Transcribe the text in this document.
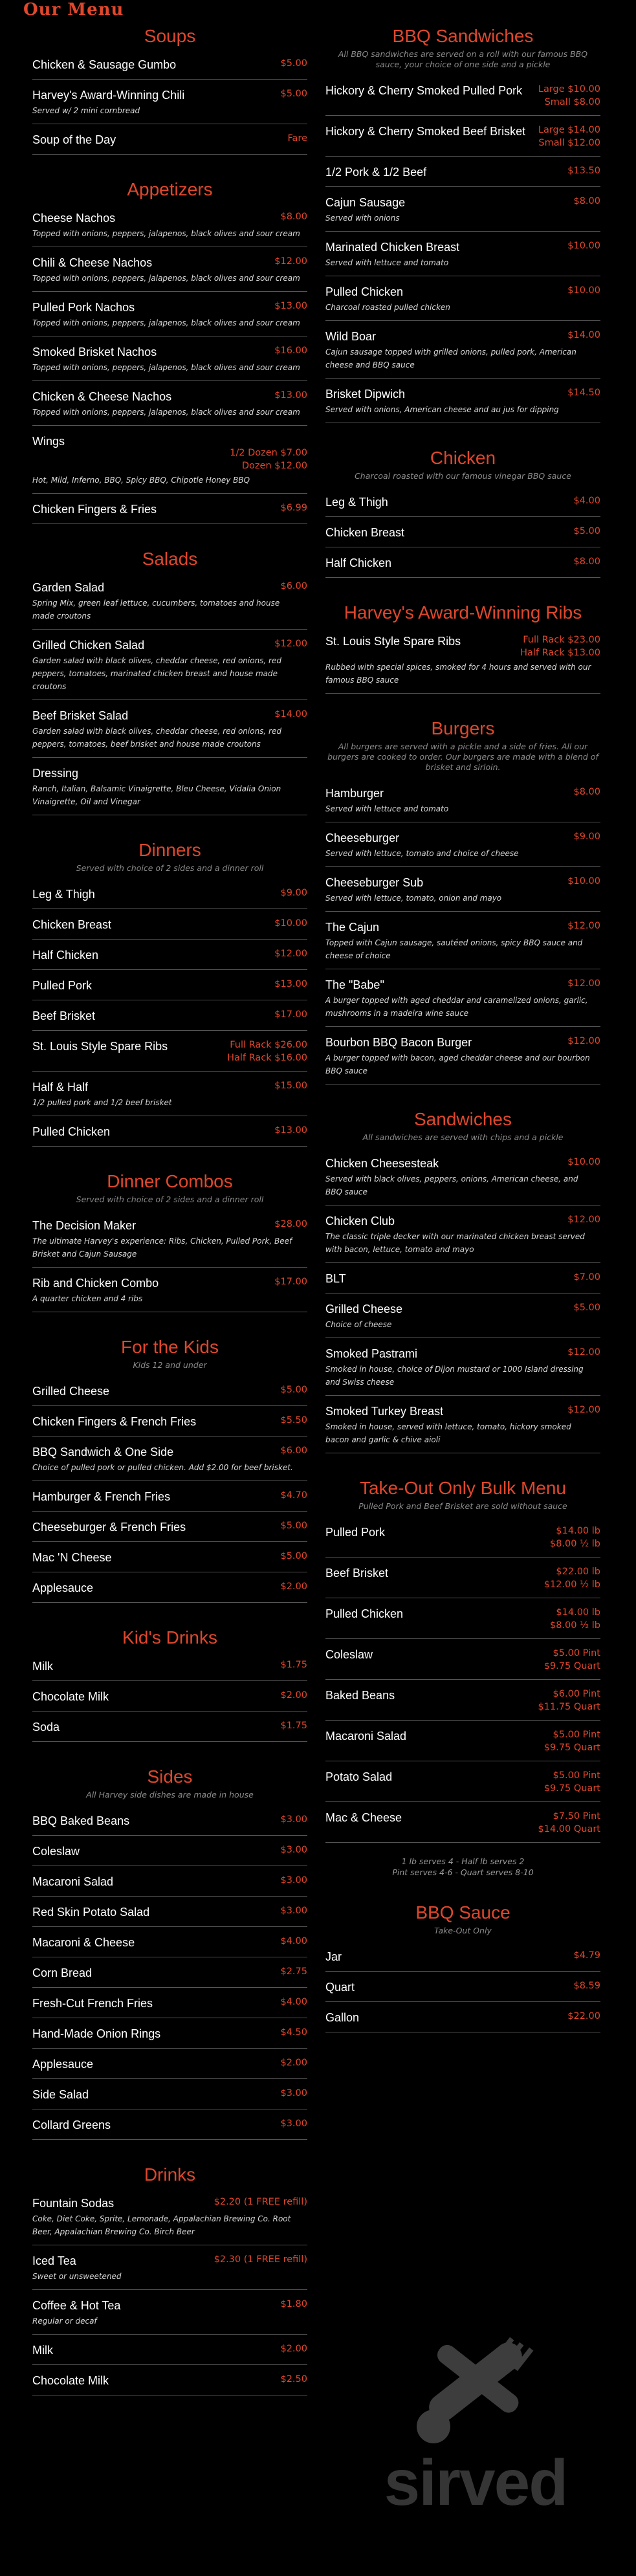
Our Menu
Soups
Chicken & Sausage Gumbo	$5.00
Harvey's Award-Winning Chili	$5.00
Served w/ 2 mini cornbread
Soup of the Day	Fare
Appetizers
Cheese Nachos	$8.00
Topped with onions, peppers, jalapenos, black olives and sour cream
Chili & Cheese Nachos	$12.00
Topped with onions, peppers, jalapenos, black olives and sour cream
Pulled Pork Nachos	$13.00
Topped with onions, peppers, jalapenos, black olives and sour cream
Smoked Brisket Nachos	$16.00
Topped with onions, peppers, jalapenos, black olives and sour cream
Chicken & Cheese Nachos	$13.00
Topped with onions, peppers, jalapenos, black olives and sour cream
Wings

1/2 Dozen $7.00
Dozen $12.00
Hot, Mild, Inferno, BBQ, Spicy BBQ, Chipotle Honey BBQ
Chicken Fingers & Fries	$6.99
Salads
Garden Salad	$6.00
Spring Mix, green leaf lettuce, cucumbers, tomatoes and house made croutons
Grilled Chicken Salad	$12.00
Garden salad with black olives, cheddar cheese, red onions, red peppers, tomatoes, marinated chicken breast and house made croutons
Beef Brisket Salad	$14.00
Garden salad with black olives, cheddar cheese, red onions, red peppers, tomatoes, beef brisket and house made croutons
Dressing

Ranch, Italian, Balsamic Vinaigrette, Bleu Cheese, Vidalia Onion Vinaigrette, Oil and Vinegar
Dinners
Served with choice of 2 sides and a dinner roll
Leg & Thigh	$9.00
Chicken Breast	$10.00
Half Chicken	$12.00
Pulled Pork	$13.00
Beef Brisket	$17.00
St. Louis Style Spare Ribs	Full Rack $26.00
Half Rack $16.00
Half & Half	$15.00
1/2 pulled pork and 1/2 beef brisket
Pulled Chicken	$13.00
Dinner Combos
Served with choice of 2 sides and a dinner roll
The Decision Maker	$28.00
The ultimate Harvey's experience: Ribs, Chicken, Pulled Pork, Beef Brisket and Cajun Sausage
Rib and Chicken Combo	$17.00
A quarter chicken and 4 ribs
For the Kids
Kids 12 and under
Grilled Cheese	$5.00
Chicken Fingers & French Fries	$5.50
BBQ Sandwich & One Side	$6.00
Choice of pulled pork or pulled chicken. Add $2.00 for beef brisket.
Hamburger & French Fries	$4.70
Cheeseburger & French Fries	$5.00
Mac 'N Cheese	$5.00
Applesauce	$2.00
Kid's Drinks
Milk	$1.75
Chocolate Milk	$2.00
Soda	$1.75
Sides
All Harvey side dishes are made in house
BBQ Baked Beans	$3.00
Coleslaw	$3.00
Macaroni Salad	$3.00
Red Skin Potato Salad	$3.00
Macaroni & Cheese	$4.00
Corn Bread	$2.75
Fresh-Cut French Fries	$4.00
Hand-Made Onion Rings	$4.50
Applesauce	$2.00
Side Salad	$3.00
Collard Greens	$3.00
Drinks
Fountain Sodas	$2.20 (1 FREE refill)
Coke, Diet Coke, Sprite, Lemonade, Appalachian Brewing Co. Root Beer, Appalachian Brewing Co. Birch Beer
Iced Tea	$2.30 (1 FREE refill)
Sweet or unsweetened
Coffee & Hot Tea	$1.80
Regular or decaf
Milk	$2.00
Chocolate Milk	$2.50
BBQ Sandwiches
All BBQ sandwiches are served on a roll with our famous BBQ sauce, your choice of one side and a pickle
Hickory & Cherry Smoked Pulled Pork Large $10.00
Small $8.00
Hickory & Cherry Smoked Beef Brisket Large $14.00
Small $12.00
1/2 Pork & 1/2 Beef	$13.50
Cajun Sausage	$8.00
Served with onions
Marinated Chicken Breast	$10.00
Served with lettuce and tomato
Pulled Chicken	$10.00
Charcoal roasted pulled chicken
Wild Boar	$14.00
Cajun sausage topped with grilled onions, pulled pork, American cheese and BBQ sauce
Brisket Dipwich	$14.50
Served with onions, American cheese and au jus for dipping
Chicken
Charcoal roasted with our famous vinegar BBQ sauce
Leg & Thigh	$4.00
Chicken Breast	$5.00
Half Chicken	$8.00
Harvey's Award-Winning Ribs
St. Louis Style Spare Ribs	Full Rack $23.00
Half Rack $13.00
Rubbed with special spices, smoked for 4 hours and served with our famous BBQ sauce
Burgers
All burgers are served with a pickle and a side of fries. All our burgers are cooked to order. Our burgers are made with a blend of brisket and sirloin.
Hamburger	$8.00
Served with lettuce and tomato
Cheeseburger	$9.00
Served with lettuce, tomato and choice of cheese
Cheeseburger Sub	$10.00
Served with lettuce, tomato, onion and mayo
The Cajun	$12.00
Topped with Cajun sausage, sautéed onions, spicy BBQ sauce and cheese of choice
The "Babe"	$12.00
A burger topped with aged cheddar and caramelized onions, garlic, mushrooms in a madeira wine sauce
Bourbon BBQ Bacon Burger	$12.00
A burger topped with bacon, aged cheddar cheese and our bourbon BBQ sauce
Sandwiches
All sandwiches are served with chips and a pickle
Chicken Cheesesteak	$10.00
Served with black olives, peppers, onions, American cheese, and BBQ sauce
Chicken Club	$12.00
The classic triple decker with our marinated chicken breast served with bacon, lettuce, tomato and mayo
BLT	$7.00
Grilled Cheese	$5.00
Choice of cheese
Smoked Pastrami	$12.00
Smoked in house, choice of Dijon mustard or 1000 Island dressing and Swiss cheese
Smoked Turkey Breast	$12.00
Smoked in house, served with lettuce, tomato, hickory smoked bacon and garlic & chive aioli
Take-Out Only Bulk Menu
Pulled Pork and Beef Brisket are sold without sauce
Pulled Pork	$14.00 lb
$8.00 ½ lb
Beef Brisket	$22.00 lb
$12.00 ½ lb
Pulled Chicken	$14.00 lb
$8.00 ½ lb
Coleslaw	$5.00 Pint
$9.75 Quart
Baked Beans	$6.00 Pint
$11.75 Quart
Macaroni Salad	$5.00 Pint
$9.75 Quart
Potato Salad	$5.00 Pint
$9.75 Quart
Mac & Cheese	$7.50 Pint
$14.00 Quart
1 lb serves 4 - Half lb serves 2
Pint serves 4-6 - Quart serves 8-10
BBQ Sauce
Take-Out Only
Jar	$4.79
Quart	$8.59
Gallon	$22.00
sirved
